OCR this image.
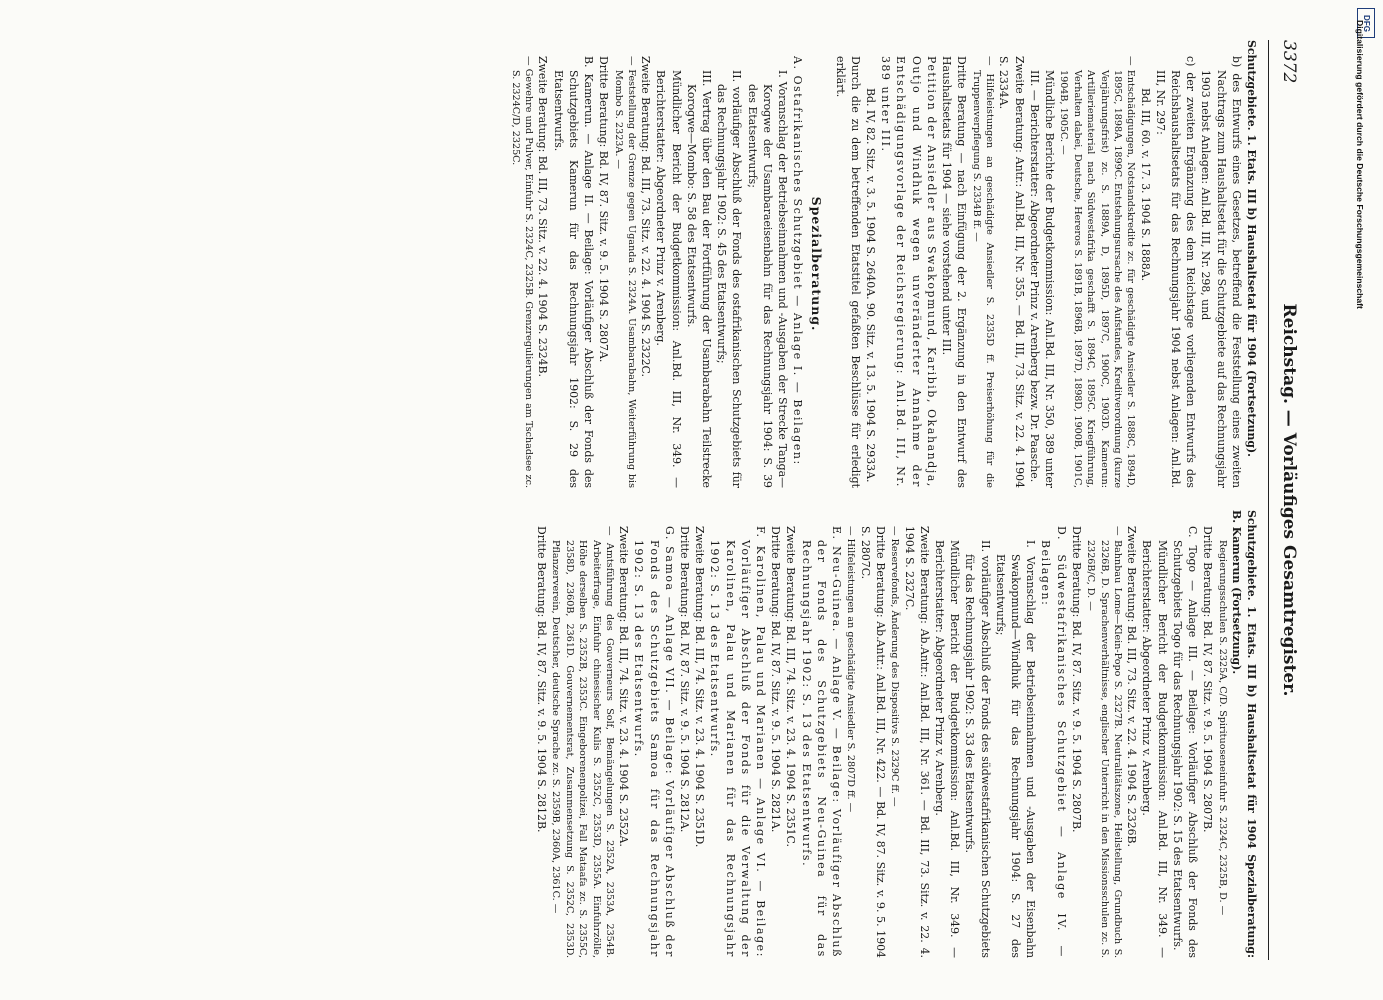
3372
Reichstag. — Vorläufiges Gesamtregister.

Schutzgebiete. 1. Etats. III b) Haushaltsetat für 1904 (Fortsetzung).

b) des Entwurfs eines Gesetzes, betreffend die Feststellung eines zweiten Nachtrags zum Haushaltsetat für die Schutzgebiete auf das Rechnungsjahr 1903 nebst Anlagen: Anl.Bd. III, Nr. 298, und

c) der zweiten Ergänzung des dem Reichstage vorliegenden Entwurfs des Reichshaushaltsetats für das Rechnungsjahr 1904 nebst Anlagen: Anl.Bd. III, Nr. 297:

Bd. III, 60. v. 17. 3. 1904 S. 1888A.

— Entschädigungen, Notstandskredite zc. für geschädigte Ansiedler S. 1888C, 1894D, 1895C, 1898A, 1899C. Entstehungsursache des Aufstandes, Kreditverordnung (kurze Verjährungsfrist) zc. S. 1889A, D, 1895D, 1897C, 1900C, 1903D. Kamerun: Artilleriematerial nach Südwestafrika geschafft S. 1894C, 1895C. Kriegführung, Verhalten dabei, Deutsche, Hereros S. 1891B, 1896B, 1897D, 1898D, 1900B, 1901C, 1904B, 1905C. —

Mündliche Berichte der Budgetkommission: Anl.Bd. III, Nr. 350, 389 unter III. — Berichterstatter: Abgeordneter Prinz v. Arenberg bezw. Dr. Paasche.

Zweite Beratung: Antr.: Anl.Bd. III, Nr. 355. — Bd. III, 73. Sitz. v. 22. 4. 1904 S. 2334A.

— Hilfeleistungen an geschädigte Ansiedler S. 2335D ff. Preiserhöhung für die Truppenverpflegung S. 2334B ff. —

Dritte Beratung — nach Einfügung der 2. Ergänzung in den Entwurf des Haushaltsetats für 1904 — siehe vorstehend unter III.

Petition der Ansiedler aus Swakopmund, Karibib, Okahandja, Outjo und Windhuk wegen unveränderter Annahme der Entschädigungsvorlage der Reichsregierung: Anl.Bd. III, Nr. 389 unter III.

Bd. IV, 82. Sitz. v. 3. 5. 1904 S. 2640A. 90. Sitz. v. 13. 5. 1904 S. 2933A.

Durch die zu dem betreffenden Etatstitel gefaßten Beschlüsse für erledigt erklärt.

Spezialberatung.

A. Ostafrikanisches Schutzgebiet — Anlage I. — Beilagen:

I. Voranschlag der Betriebseinnahmen und -Ausgaben der Strecke Tanga—Korogwe der Usambaraeisenbahn für das Rechnungsjahr 1904: S. 39 des Etatsentwurfs;

II. vorläufiger Abschluß der Fonds des ostafrikanischen Schutzgebiets für das Rechnungsjahr 1902: S. 45 des Etatsentwurfs;

III. Vertrag über den Bau der Fortführung der Usambarabahn Teilstrecke Korogwe—Mombo: S. 58 des Etatsentwurfs.

Mündlicher Bericht der Budgetkommission: Anl.Bd. III, Nr. 349. — Berichterstatter: Abgeordneter Prinz v. Arenberg.

Zweite Beratung: Bd. III, 73. Sitz. v. 22. 4. 1904 S. 2322C.

— Feststellung der Grenze gegen Uganda S. 2324A. Usambarabahn, Weiterführung bis Mombo S. 2323A. —

Dritte Beratung: Bd. IV, 87. Sitz. v. 9. 5. 1904 S. 2807A.

B. Kamerun. — Anlage II. — Beilage: Vorläufiger Abschluß der Fonds des Schutzgebiets Kamerun für das Rechnungsjahr 1902: S. 29 des Etatsentwurfs.

Zweite Beratung: Bd. III, 73. Sitz. v. 22. 4. 1904 S. 2324B.

— Gewehre und Pulver, Einfuhr S. 2324C, 2325B. Grenzregulierungen am Tschadsee zc. S. 2324C/D, 2325C.

Schutzgebiete. 1. Etats. III b) Haushaltsetat für 1904 Spezialberatung: B. Kamerun (Fortsetzung).

Regierungsschulen S. 2325A, C/D. Spirituoseneinfuhr S. 2324C, 2325B, D. —

Dritte Beratung: Bd. IV, 87. Sitz. v. 9. 5. 1904 S. 2807B.

C. Togo — Anlage III. — Beilage: Vorläufiger Abschluß der Fonds des Schutzgebiets Togo für das Rechnungsjahr 1902: S. 15 des Etatsentwurfs.

Mündlicher Bericht der Budgetkommission: Anl.Bd. III, Nr. 349. — Berichterstatter: Abgeordneter Prinz v. Arenberg.

Zweite Beratung: Bd. III, 73. Sitz. v. 22. 4. 1904 S. 2326B.

— Bahnbau Lome—Klein-Popo S. 2327B. Neutralitätszone, Heilstellung, Grundbuch S. 2326B, D. Sprachenverhältnisse, englischer Unterricht in den Missionsschulen zc. S. 2326B/C, D. —

Dritte Beratung: Bd. IV, 87. Sitz. v. 9. 5. 1904 S. 2807B.

D. Südwestafrikanisches Schutzgebiet — Anlage IV. — Beilagen:

I. Voranschlag der Betriebseinnahmen und -Ausgaben der Eisenbahn Swakopmund—Windhuk für das Rechnungsjahr 1904: S. 27 des Etatsentwurfs;

II. vorläufiger Abschluß der Fonds des südwestafrikanischen Schutzgebiets für das Rechnungsjahr 1902: S. 33 des Etatsentwurfs.

Mündlicher Bericht der Budgetkommission: Anl.Bd. III, Nr. 349. — Berichterstatter: Abgeordneter Prinz v. Arenberg.

Zweite Beratung: Ab.Antr.: Anl.Bd. III, Nr. 361. — Bd. III, 73. Sitz. v. 22. 4. 1904 S. 2327C.

— Reservefonds, Änderung des Dispositivs S. 2329C ff. —

Dritte Beratung: Ab.Antr.: Anl.Bd. III, Nr. 422. — Bd. IV, 87. Sitz. v. 9. 5. 1904 S. 2807C.

— Hilfeleistungen an geschädigte Ansiedler S. 2807D ff. —

E. Neu-Guinea. — Anlage V. — Beilage: Vorläufiger Abschluß der Fonds des Schutzgebiets Neu-Guinea für das Rechnungsjahr 1902: S. 13 des Etatsentwurfs.

Zweite Beratung: Bd. III, 74. Sitz. v. 23. 4. 1904 S. 2351C.

Dritte Beratung: Bd. IV, 87. Sitz. v. 9. 5. 1904 S. 2821A.

F. Karolinen, Palau und Marianen — Anlage VI. — Beilage: Vorläufiger Abschluß der Fonds für die Verwaltung der Karolinen, Palau und Marianen für das Rechnungsjahr 1902: S. 13 des Etatsentwurfs.

Zweite Beratung: Bd. III, 74. Sitz. v. 23. 4. 1904 S. 2351D.

Dritte Beratung: Bd. IV, 87. Sitz. v. 9. 5. 1904 S. 2812A.

G. Samoa — Anlage VII. — Beilage: Vorläufiger Abschluß der Fonds des Schutzgebiets Samoa für das Rechnungsjahr 1902: S. 13 des Etatsentwurfs.

Zweite Beratung: Bd. III, 74. Sitz. v. 23. 4. 1904 S. 2352A.

— Amtsführung des Gouverneurs Solf, Bemängelungen S. 2352A, 2353A, 2354B. Arbeiterfrage, Einfuhr chinesischer Kulis S. 2352C, 2353D, 2355A. Einfuhrzölle, Höhe derselben S. 2352B, 2353C. Eingeborenenpolizei, Fall Mataafa zc. S. 2355C, 2358D, 2360B, 2361D. Gouvernementsrat, Zusammensetzung S. 2352C, 2353D. Pflanzerverein, Deutscher, deutsche Sprache zc. S. 2359B, 2360A, 2361C. —

Dritte Beratung: Bd. IV, 87. Sitz. v. 9. 5. 1904 S. 2812B.

DFG
Digitalisierung gefördert durch die Deutsche Forschungsgemeinschaft
